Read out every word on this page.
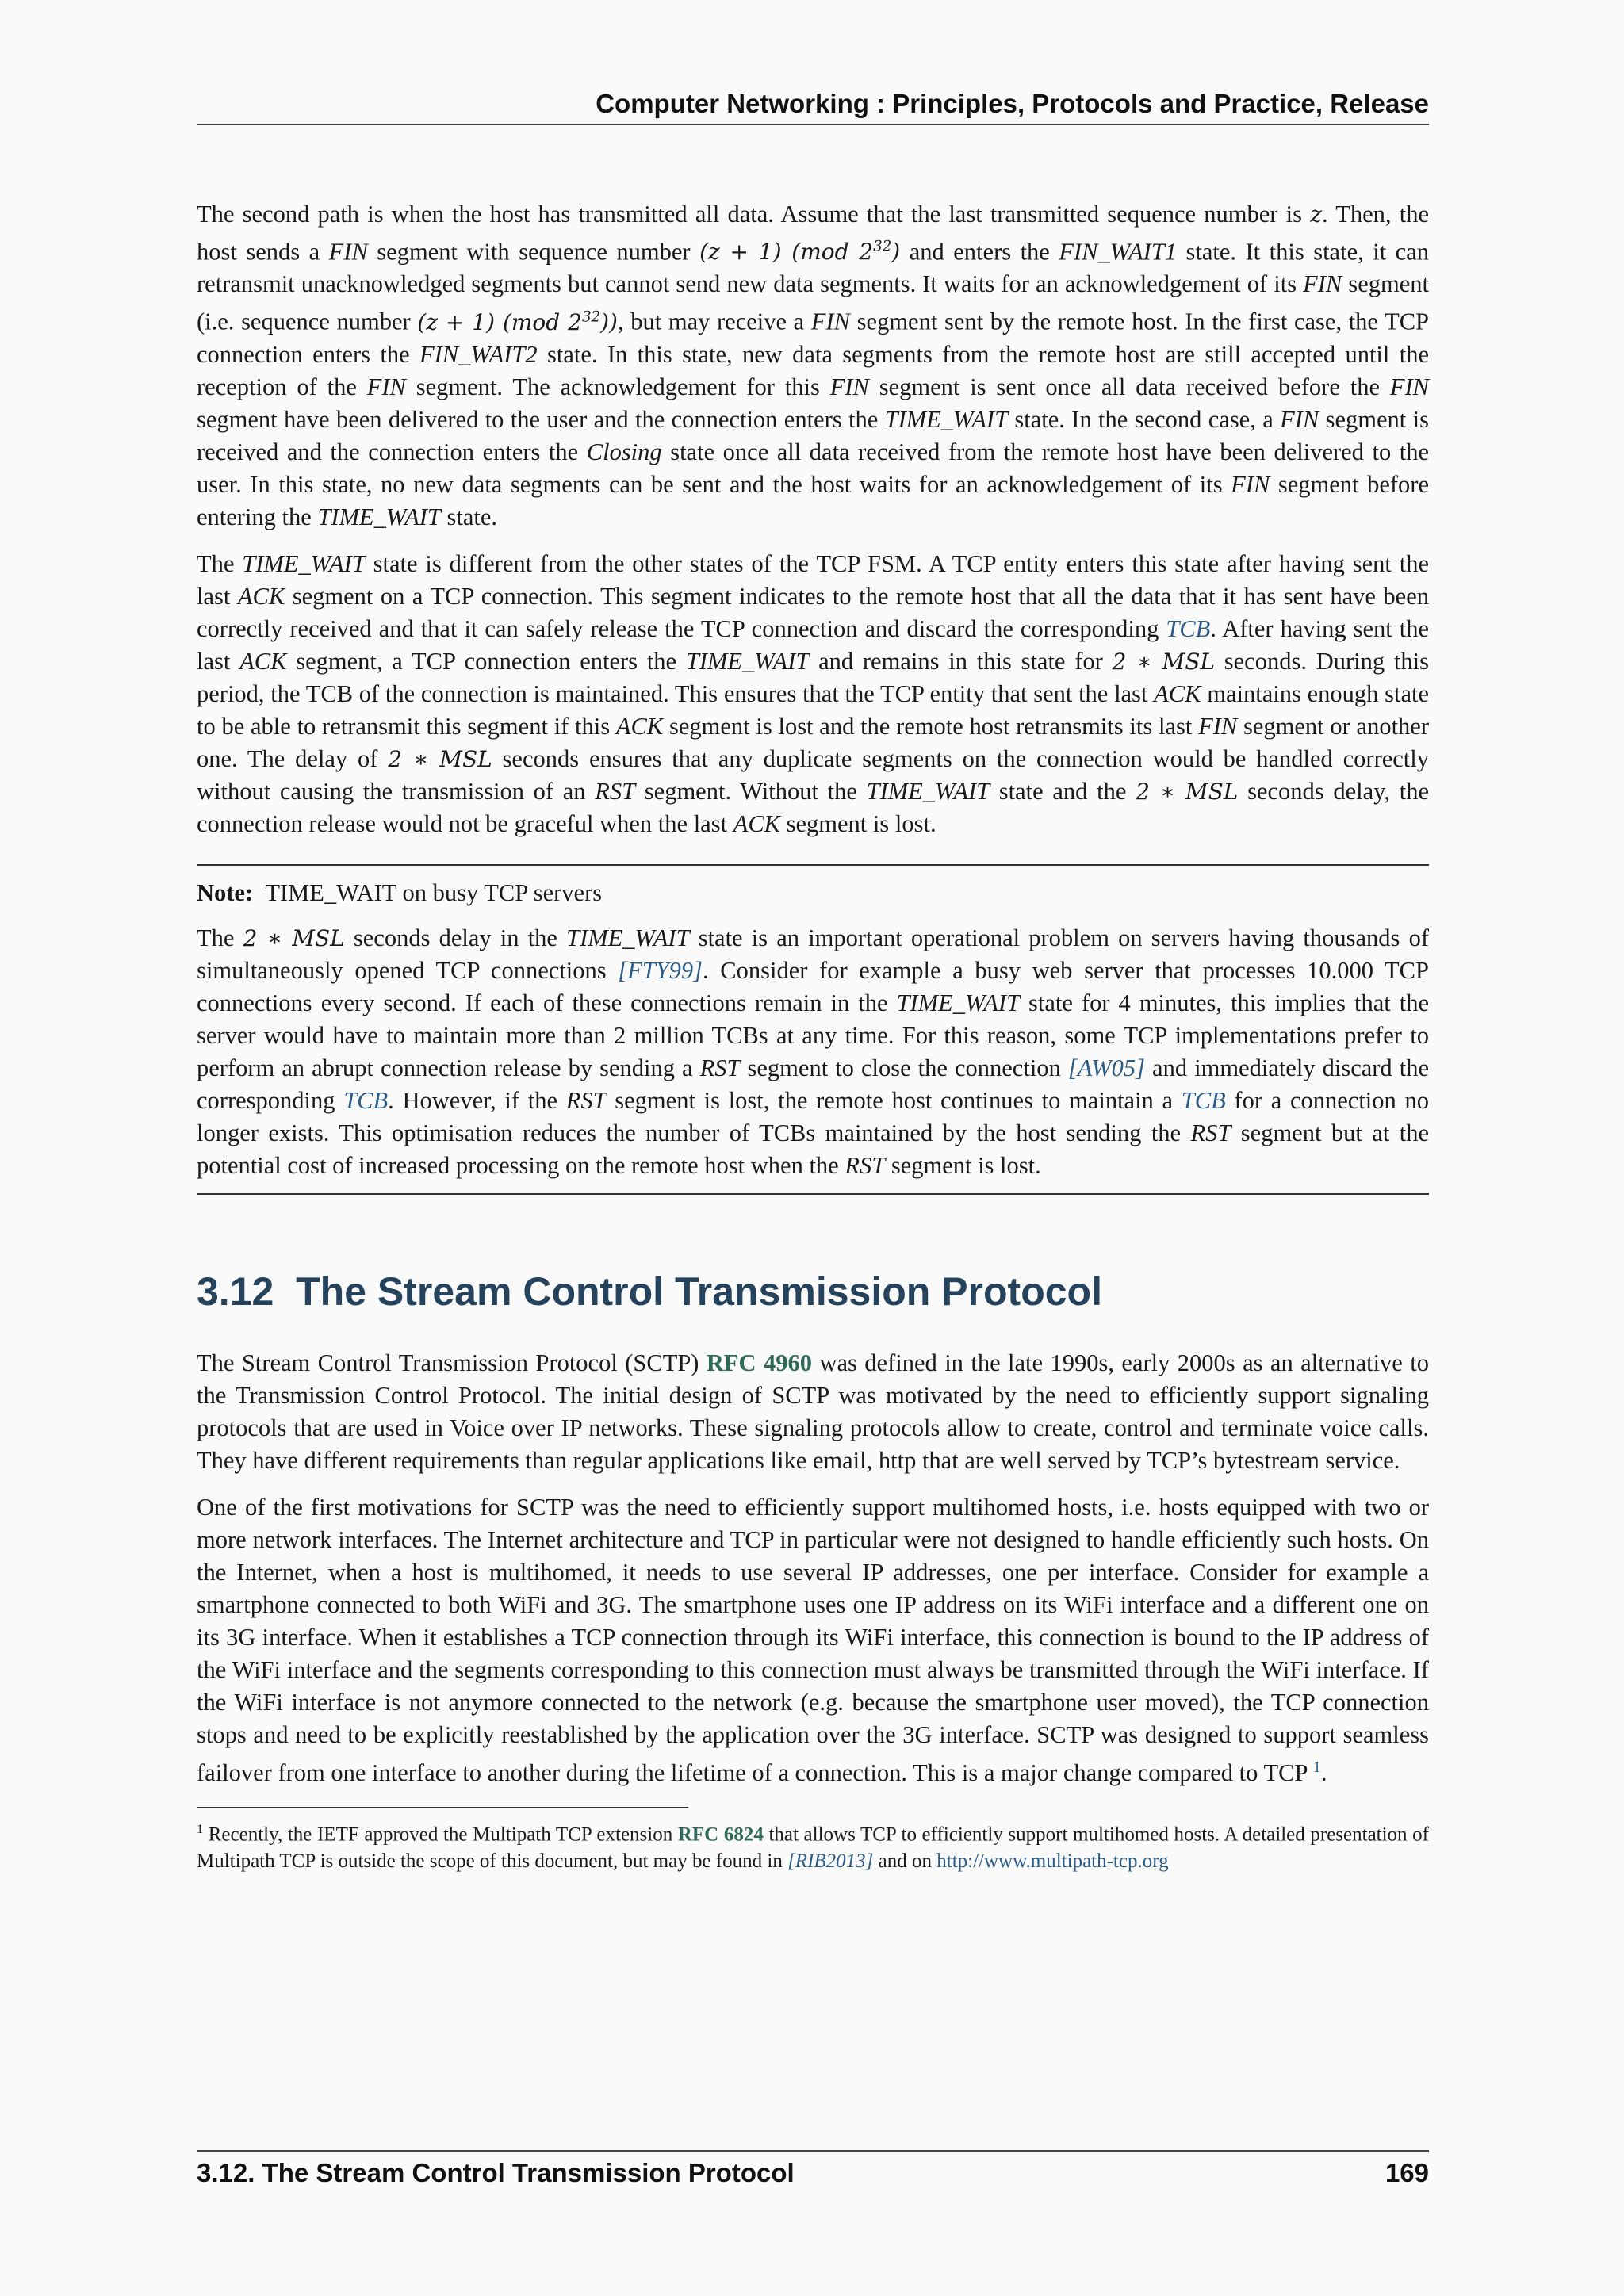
Computer Networking : Principles, Protocols and Practice, Release

The second path is when the host has transmitted all data. Assume that the last transmitted sequence number is z. Then, the host sends a FIN segment with sequence number (z + 1) (mod $2^{32}$) and enters the FIN_WAIT1 state. It this state, it can retransmit unacknowledged segments but cannot send new data segments. It waits for an acknowledgement of its FIN segment (i.e. sequence number (z + 1) (mod $2^{32}$)), but may receive a FIN segment sent by the remote host. In the first case, the TCP connection enters the FIN_WAIT2 state. In this state, new data segments from the remote host are still accepted until the reception of the FIN segment. The acknowledgement for this FIN segment is sent once all data received before the FIN segment have been delivered to the user and the connection enters the TIME_WAIT state. In the second case, a FIN segment is received and the connection enters the Closing state once all data received from the remote host have been delivered to the user. In this state, no new data segments can be sent and the host waits for an acknowledgement of its FIN segment before entering the TIME_WAIT state.

The TIME_WAIT state is different from the other states of the TCP FSM. A TCP entity enters this state after having sent the last ACK segment on a TCP connection. This segment indicates to the remote host that all the data that it has sent have been correctly received and that it can safely release the TCP connection and discard the corresponding TCB. After having sent the last ACK segment, a TCP connection enters the TIME_WAIT and remains in this state for 2 ∗ MSL seconds. During this period, the TCB of the connection is maintained. This ensures that the TCP entity that sent the last ACK maintains enough state to be able to retransmit this segment if this ACK segment is lost and the remote host retransmits its last FIN segment or another one. The delay of 2 ∗ MSL seconds ensures that any duplicate segments on the connection would be handled correctly without causing the transmission of an RST segment. Without the TIME_WAIT state and the 2 ∗ MSL seconds delay, the connection release would not be graceful when the last ACK segment is lost.

Note: TIME_WAIT on busy TCP servers

The 2 ∗ MSL seconds delay in the TIME_WAIT state is an important operational problem on servers having thousands of simultaneously opened TCP connections [FTY99]. Consider for example a busy web server that processes 10.000 TCP connections every second. If each of these connections remain in the TIME_WAIT state for 4 minutes, this implies that the server would have to maintain more than 2 million TCBs at any time. For this reason, some TCP implementations prefer to perform an abrupt connection release by sending a RST segment to close the connection [AW05] and immediately discard the corresponding TCB. However, if the RST segment is lost, the remote host continues to maintain a TCB for a connection no longer exists. This optimisation reduces the number of TCBs maintained by the host sending the RST segment but at the potential cost of increased processing on the remote host when the RST segment is lost.

3.12 The Stream Control Transmission Protocol

The Stream Control Transmission Protocol (SCTP) RFC 4960 was defined in the late 1990s, early 2000s as an alternative to the Transmission Control Protocol. The initial design of SCTP was motivated by the need to efficiently support signaling protocols that are used in Voice over IP networks. These signaling protocols allow to create, control and terminate voice calls. They have different requirements than regular applications like email, http that are well served by TCP’s bytestream service.

One of the first motivations for SCTP was the need to efficiently support multihomed hosts, i.e. hosts equipped with two or more network interfaces. The Internet architecture and TCP in particular were not designed to handle efficiently such hosts. On the Internet, when a host is multihomed, it needs to use several IP addresses, one per interface. Consider for example a smartphone connected to both WiFi and 3G. The smartphone uses one IP address on its WiFi interface and a different one on its 3G interface. When it establishes a TCP connection through its WiFi interface, this connection is bound to the IP address of the WiFi interface and the segments corresponding to this connection must always be transmitted through the WiFi interface. If the WiFi interface is not anymore connected to the network (e.g. because the smartphone user moved), the TCP connection stops and need to be explicitly reestablished by the application over the 3G interface. SCTP was designed to support seamless failover from one interface to another during the lifetime of a connection. This is a major change compared to TCP $^1$.

$^1$ Recently, the IETF approved the Multipath TCP extension RFC 6824 that allows TCP to efficiently support multihomed hosts. A detailed presentation of Multipath TCP is outside the scope of this document, but may be found in [RIB2013] and on http://www.multipath-tcp.org
3.12. The Stream Control Transmission Protocol	169
